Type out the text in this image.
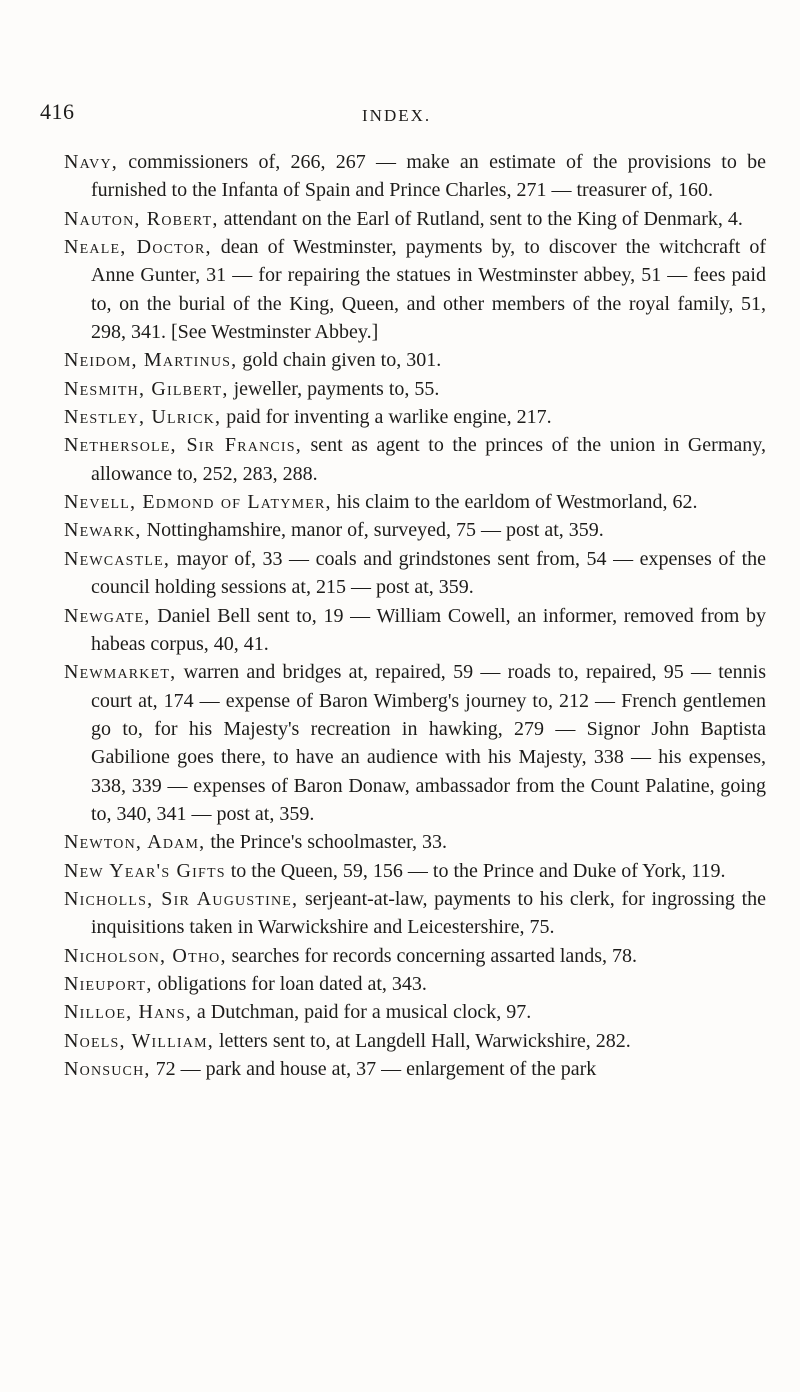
416	INDEX.

Navy, commissioners of, 266, 267 — make an estimate of the provisions to be furnished to the Infanta of Spain and Prince Charles, 271 — treasurer of, 160.

Nauton, Robert, attendant on the Earl of Rutland, sent to the King of Denmark, 4.

Neale, Doctor, dean of Westminster, payments by, to discover the witchcraft of Anne Gunter, 31 — for repairing the statues in Westminster abbey, 51 — fees paid to, on the burial of the King, Queen, and other members of the royal family, 51, 298, 341. [See Westminster Abbey.]

Neidom, Martinus, gold chain given to, 301.

Nesmith, Gilbert, jeweller, payments to, 55.

Nestley, Ulrick, paid for inventing a warlike engine, 217.

Nethersole, Sir Francis, sent as agent to the princes of the union in Germany, allowance to, 252, 283, 288.

Nevell, Edmond of Latymer, his claim to the earldom of Westmorland, 62.

Newark, Nottinghamshire, manor of, surveyed, 75 — post at, 359.

Newcastle, mayor of, 33 — coals and grindstones sent from, 54 — expenses of the council holding sessions at, 215 — post at, 359.

Newgate, Daniel Bell sent to, 19 — William Cowell, an informer, removed from by habeas corpus, 40, 41.

Newmarket, warren and bridges at, repaired, 59 — roads to, repaired, 95 — tennis court at, 174 — expense of Baron Wimberg's journey to, 212 — French gentlemen go to, for his Majesty's recreation in hawking, 279 — Signor John Baptista Gabilione goes there, to have an audience with his Majesty, 338 — his expenses, 338, 339 — expenses of Baron Donaw, ambassador from the Count Palatine, going to, 340, 341 — post at, 359.

Newton, Adam, the Prince's schoolmaster, 33.

New Year's Gifts to the Queen, 59, 156 — to the Prince and Duke of York, 119.

Nicholls, Sir Augustine, serjeant-at-law, payments to his clerk, for ingrossing the inquisitions taken in Warwickshire and Leicestershire, 75.

Nicholson, Otho, searches for records concerning assarted lands, 78.

Nieuport, obligations for loan dated at, 343.

Nilloe, Hans, a Dutchman, paid for a musical clock, 97.

Noels, William, letters sent to, at Langdell Hall, Warwickshire, 282.

Nonsuch, 72 — park and house at, 37 — enlargement of the park
